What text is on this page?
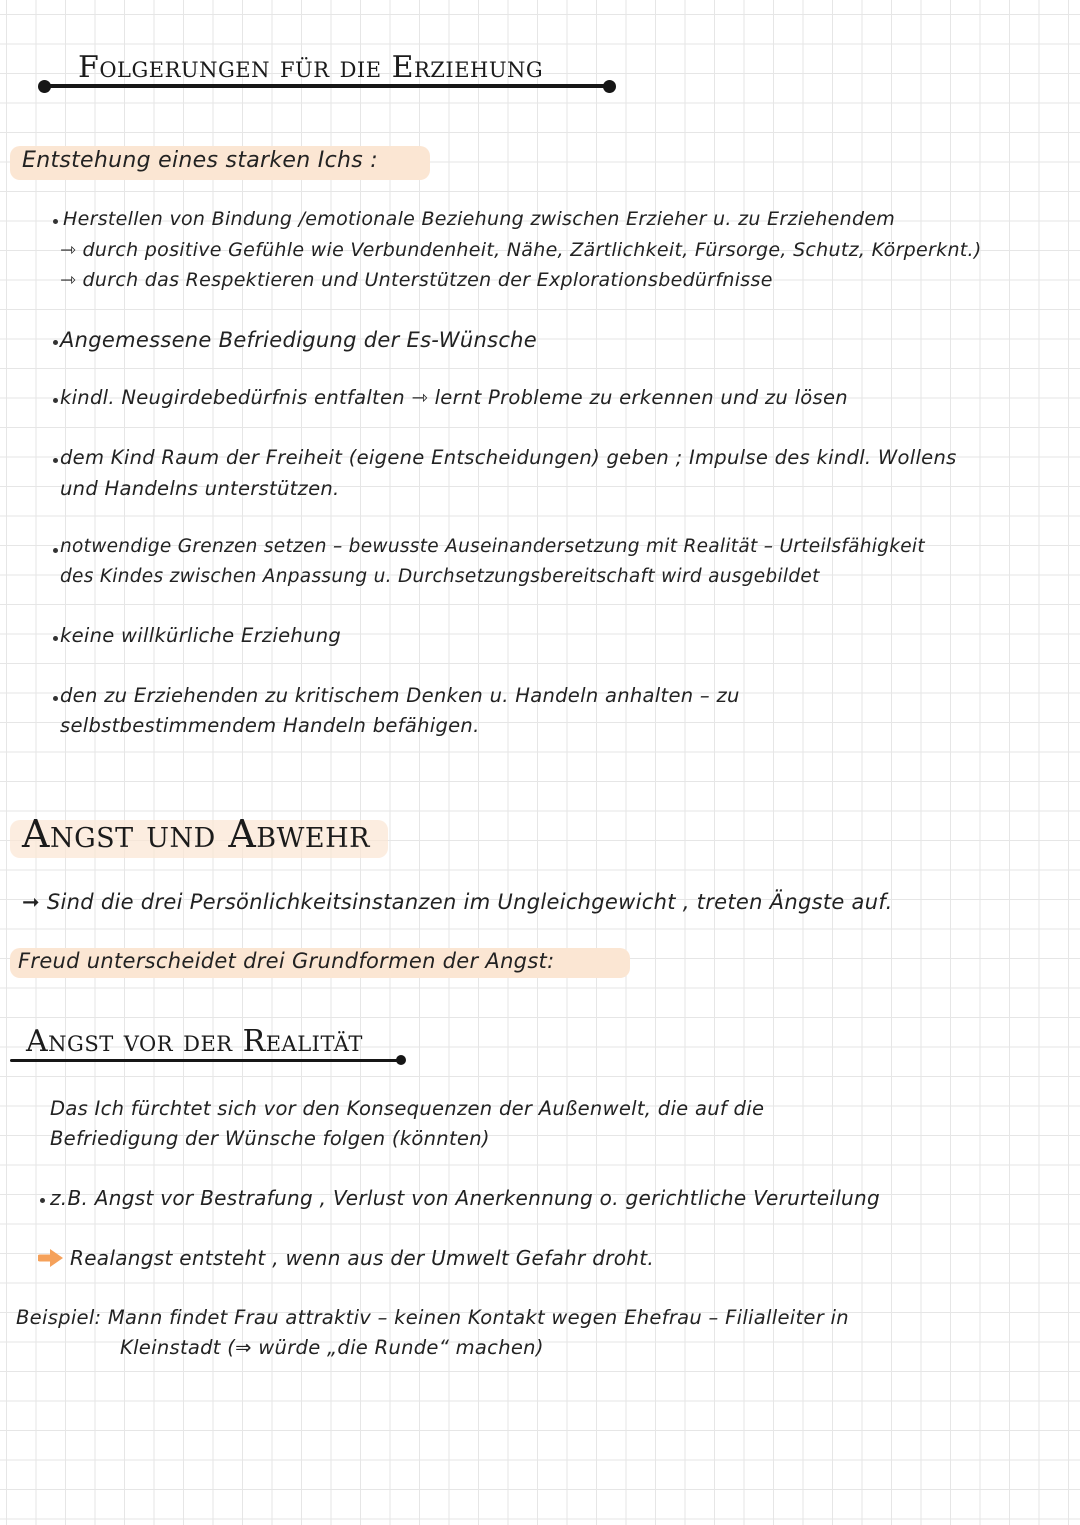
Folgerungen für die Erziehung
Entstehung eines starken Ichs :
Herstellen von Bindung /emotionale Beziehung zwischen Erzieher u. zu Erziehendem
⇾ durch positive Gefühle wie Verbundenheit, Nähe, Zärtlichkeit, Fürsorge, Schutz, Körperknt.)
⇾ durch das Respektieren und Unterstützen der Explorationsbedürfnisse
Angemessene Befriedigung der Es-Wünsche
kindl. Neugirdebedürfnis entfalten ⇾ lernt Probleme zu erkennen und zu lösen
dem Kind Raum der Freiheit (eigene Entscheidungen) geben ; Impulse des kindl. Wollens
und Handelns unterstützen.
notwendige Grenzen setzen – bewusste Auseinandersetzung mit Realität – Urteilsfähigkeit
des Kindes zwischen Anpassung u. Durchsetzungsbereitschaft wird ausgebildet
keine willkürliche Erziehung
den zu Erziehenden zu kritischem Denken u. Handeln anhalten – zu
selbstbestimmendem Handeln befähigen.
Angst und Abwehr
➞ Sind die drei Persönlichkeitsinstanzen im Ungleichgewicht , treten Ängste auf.
Freud unterscheidet drei Grundformen der Angst:
Angst vor der Realität
Das Ich fürchtet sich vor den Konsequenzen der Außenwelt, die auf die
Befriedigung der Wünsche folgen (könnten)
z.B. Angst vor Bestrafung , Verlust von Anerkennung o. gerichtliche Verurteilung
Realangst entsteht , wenn aus der Umwelt Gefahr droht.
Beispiel: Mann findet Frau attraktiv – keinen Kontakt wegen Ehefrau – Filialleiter in
Kleinstadt (⇒ würde „die Runde“ machen)
